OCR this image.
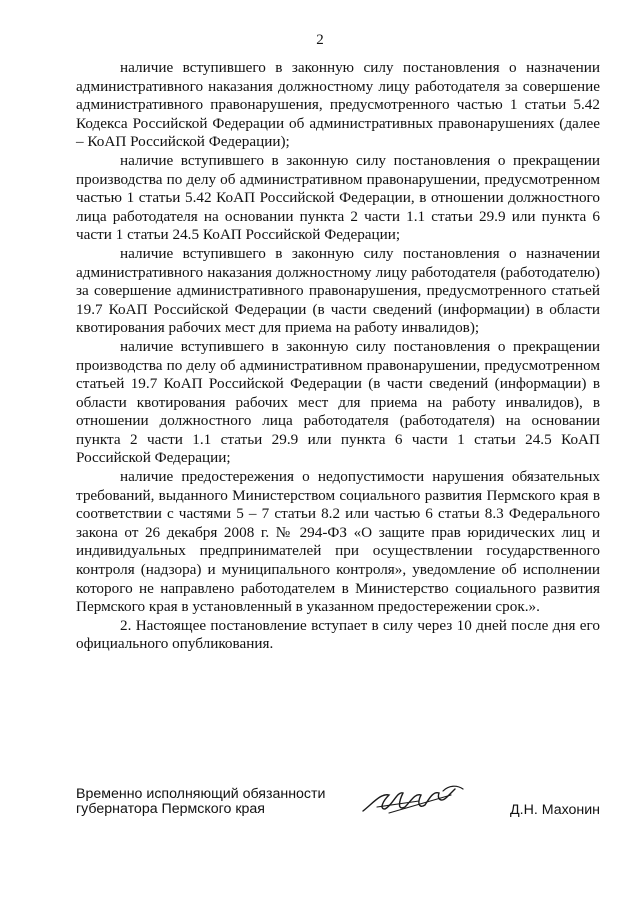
2

наличие вступившего в законную силу постановления о назначении административного наказания должностному лицу работодателя за совершение административного правонарушения, предусмотренного частью 1 статьи 5.42 Кодекса Российской Федерации об административных правонарушениях (далее – КоАП Российской Федерации);

наличие вступившего в законную силу постановления о прекращении производства по делу об административном правонарушении, предусмотренном частью 1 статьи 5.42 КоАП Российской Федерации, в отношении должностного лица работодателя на основании пункта 2 части 1.1 статьи 29.9 или пункта 6 части 1 статьи 24.5 КоАП Российской Федерации;

наличие вступившего в законную силу постановления о назначении административного наказания должностному лицу работодателя (работодателю) за совершение административного правонарушения, предусмотренного статьей 19.7 КоАП Российской Федерации (в части сведений (информации) в области квотирования рабочих мест для приема на работу инвалидов);

наличие вступившего в законную силу постановления о прекращении производства по делу об административном правонарушении, предусмотренном статьей 19.7 КоАП Российской Федерации (в части сведений (информации) в области квотирования рабочих мест для приема на работу инвалидов), в отношении должностного лица работодателя (работодателя) на основании пункта 2 части 1.1 статьи 29.9 или пункта 6 части 1 статьи 24.5 КоАП Российской Федерации;

наличие предостережения о недопустимости нарушения обязательных требований, выданного Министерством социального развития Пермского края в соответствии с частями 5 – 7 статьи 8.2 или частью 6 статьи 8.3 Федерального закона от 26 декабря 2008 г. № 294-ФЗ «О защите прав юридических лиц и индивидуальных предпринимателей при осуществлении государственного контроля (надзора) и муниципального контроля», уведомление об исполнении которого не направлено работодателем в Министерство социального развития Пермского края в установленный в указанном предостережении срок.».

2. Настоящее постановление вступает в силу через 10 дней после дня его официального опубликования.

Временно исполняющий обязанности
губернатора Пермского края	Д.Н. Махонин
